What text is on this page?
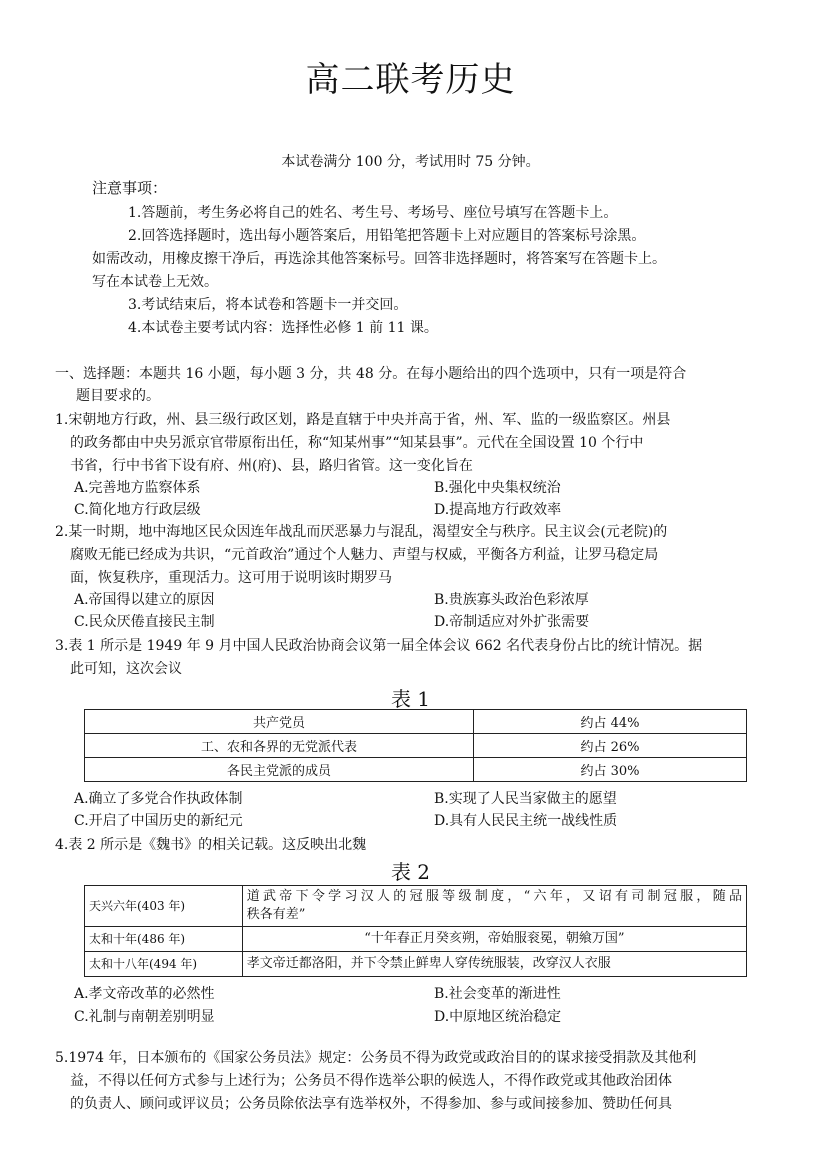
高二联考历史
本试卷满分 100 分，考试用时 75 分钟。
注意事项：
1.答题前，考生务必将自己的姓名、考生号、考场号、座位号填写在答题卡上。
2.回答选择题时，选出每小题答案后，用铅笔把答题卡上对应题目的答案标号涂黑。
如需改动，用橡皮擦干净后，再选涂其他答案标号。回答非选择题时，将答案写在答题卡上。
写在本试卷上无效。
3.考试结束后，将本试卷和答题卡一并交回。
4.本试卷主要考试内容：选择性必修 1 前 11 课。
一、选择题：本题共 16 小题，每小题 3 分，共 48 分。在每小题给出的四个选项中，只有一项是符合
题目要求的。
1.宋朝地方行政，州、县三级行政区划，路是直辖于中央并高于省，州、军、监的一级监察区。州县
的政务都由中央另派京官带原衔出任，称“知某州事”“知某县事”。元代在全国设置 10 个行中
书省，行中书省下设有府、州(府)、县，路归省管。这一变化旨在
A.完善地方监察体系	B.强化中央集权统治
C.简化地方行政层级	D.提高地方行政效率
2.某一时期，地中海地区民众因连年战乱而厌恶暴力与混乱，渴望安全与秩序。民主议会(元老院)的
腐败无能已经成为共识，“元首政治”通过个人魅力、声望与权威，平衡各方利益，让罗马稳定局
面，恢复秩序，重现活力。这可用于说明该时期罗马
A.帝国得以建立的原因	B.贵族寡头政治色彩浓厚
C.民众厌倦直接民主制	D.帝制适应对外扩张需要
3.表 1 所示是 1949 年 9 月中国人民政治协商会议第一届全体会议 662 名代表身份占比的统计情况。据
此可知，这次会议
表 1
共产党员	约占 44%
工、农和各界的无党派代表	约占 26%
各民主党派的成员	约占 30%
A.确立了多党合作执政体制	B.实现了人民当家做主的愿望
C.开启了中国历史的新纪元	D.具有人民民主统一战线性质
4.表 2 所示是《魏书》的相关记载。这反映出北魏
表 2
天兴六年(403 年)	道武帝下令学习汉人的冠服等级制度，“六年，又诏有司制冠服，随品
秩各有差”

太和十年(486 年)	“十年春正月癸亥朔，帝始服衮冕，朝飨万国”
太和十八年(494 年)	孝文帝迁都洛阳，并下令禁止鲜卑人穿传统服装，改穿汉人衣服
A.孝文帝改革的必然性	B.社会变革的渐进性
C.礼制与南朝差别明显	D.中原地区统治稳定
5.1974 年，日本颁布的《国家公务员法》规定：公务员不得为政党或政治目的的谋求接受捐款及其他利
益，不得以任何方式参与上述行为；公务员不得作选举公职的候选人，不得作政党或其他政治团体
的负责人、顾问或评议员；公务员除依法享有选举权外，不得参加、参与或间接参加、赞助任何具
